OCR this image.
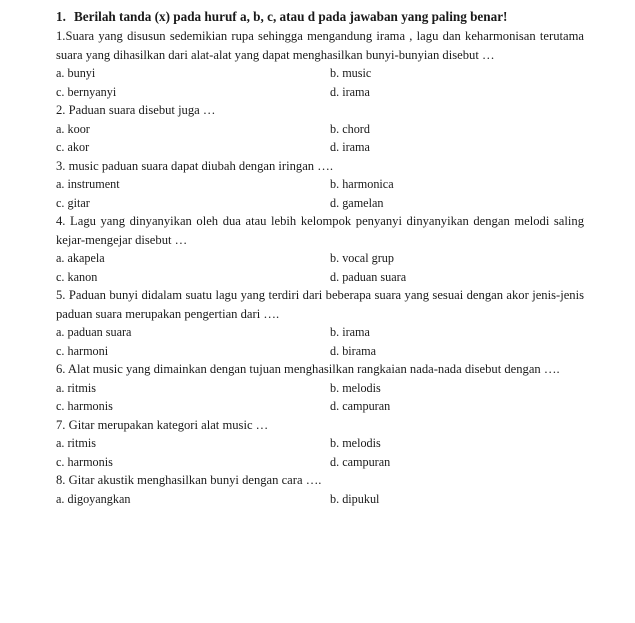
1. Berilah tanda (x) pada huruf a, b, c, atau d pada jawaban yang paling benar!

1.Suara yang disusun sedemikian rupa sehingga mengandung irama , lagu dan keharmonisan terutama suara yang dihasilkan dari alat-alat yang dapat menghasilkan bunyi-bunyian disebut …

a. bunyi	b. music
c. bernyanyi	d. irama

2. Paduan suara disebut juga …

a. koor	b. chord
c. akor	d. irama

3. music paduan suara dapat diubah dengan iringan ….

a. instrument	b. harmonica
c. gitar	d. gamelan

4. Lagu yang dinyanyikan oleh dua atau lebih kelompok penyanyi dinyanyikan dengan melodi saling kejar-mengejar disebut …

a. akapela	b. vocal grup
c. kanon	d. paduan suara

5. Paduan bunyi didalam suatu lagu yang terdiri dari beberapa suara yang sesuai dengan akor jenis-jenis paduan suara merupakan pengertian dari ….

a. paduan suara	b. irama
c. harmoni	d. birama

6. Alat music yang dimainkan dengan tujuan menghasilkan rangkaian nada-nada disebut dengan ….

a. ritmis	b. melodis
c. harmonis	d. campuran

7. Gitar merupakan kategori alat music …

a. ritmis	b. melodis
c. harmonis	d. campuran

8. Gitar akustik menghasilkan bunyi dengan cara ….

a. digoyangkan	b. dipukul
